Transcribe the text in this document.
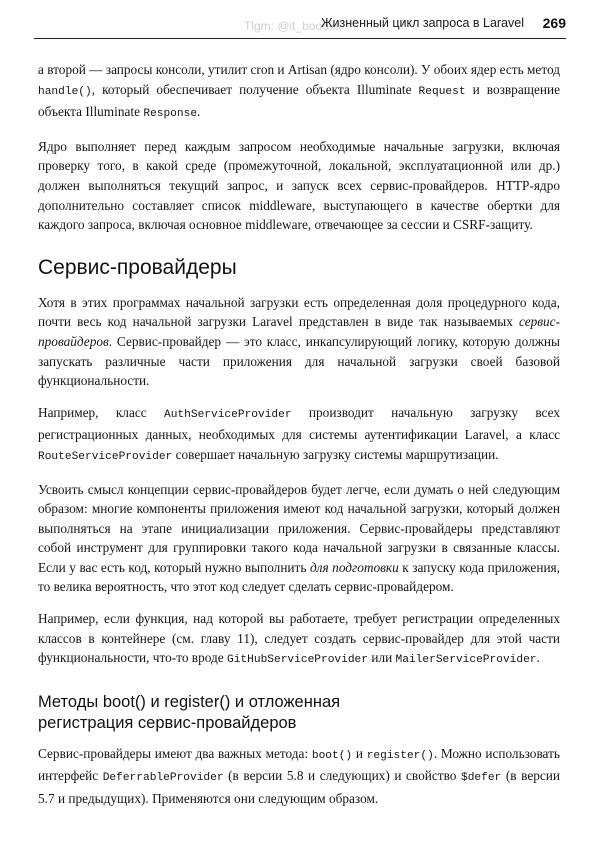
Tlgm: @it_boooks
Жизненный цикл запроса в Laravel 269

а второй — запросы консоли, утилит cron и Artisan (ядро консоли). У обоих ядер есть метод handle(), который обеспечивает получение объекта Illuminate Request и возвращение объекта Illuminate Response.

Ядро выполняет перед каждым запросом необходимые начальные загрузки, включая проверку того, в какой среде (промежуточной, локальной, эксплуатационной или др.) должен выполняться текущий запрос, и запуск всех сервис-провайдеров. HTTP-ядро дополнительно составляет список middleware, выступающего в качестве обертки для каждого запроса, включая основное middleware, отвечающее за сессии и CSRF-защиту.

Сервис-провайдеры

Хотя в этих программах начальной загрузки есть определенная доля процедурного кода, почти весь код начальной загрузки Laravel представлен в виде так называемых сервис-провайдеров. Сервис-провайдер — это класс, инкапсулирующий логику, которую должны запускать различные части приложения для начальной загрузки своей базовой функциональности.

Например, класс AuthServiceProvider производит начальную загрузку всех регистрационных данных, необходимых для системы аутентификации Laravel, а класс RouteServiceProvider совершает начальную загрузку системы маршрутизации.

Усвоить смысл концепции сервис-провайдеров будет легче, если думать о ней следующим образом: многие компоненты приложения имеют код начальной загрузки, который должен выполняться на этапе инициализации приложения. Сервис-провайдеры представляют собой инструмент для группировки такого кода начальной загрузки в связанные классы. Если у вас есть код, который нужно выполнить для подготовки к запуску кода приложения, то велика вероятность, что этот код следует сделать сервис-провайдером.

Например, если функция, над которой вы работаете, требует регистрации определенных классов в контейнере (см. главу 11), следует создать сервис-провайдер для этой части функциональности, что-то вроде GitHubServiceProvider или MailerServiceProvider.

Методы boot() и register() и отложенная
регистрация сервис-провайдеров

Сервис-провайдеры имеют два важных метода: boot() и register(). Можно использовать интерфейс DeferrableProvider (в версии 5.8 и следующих) и свойство $defer (в версии 5.7 и предыдущих). Применяются они следующим образом.
